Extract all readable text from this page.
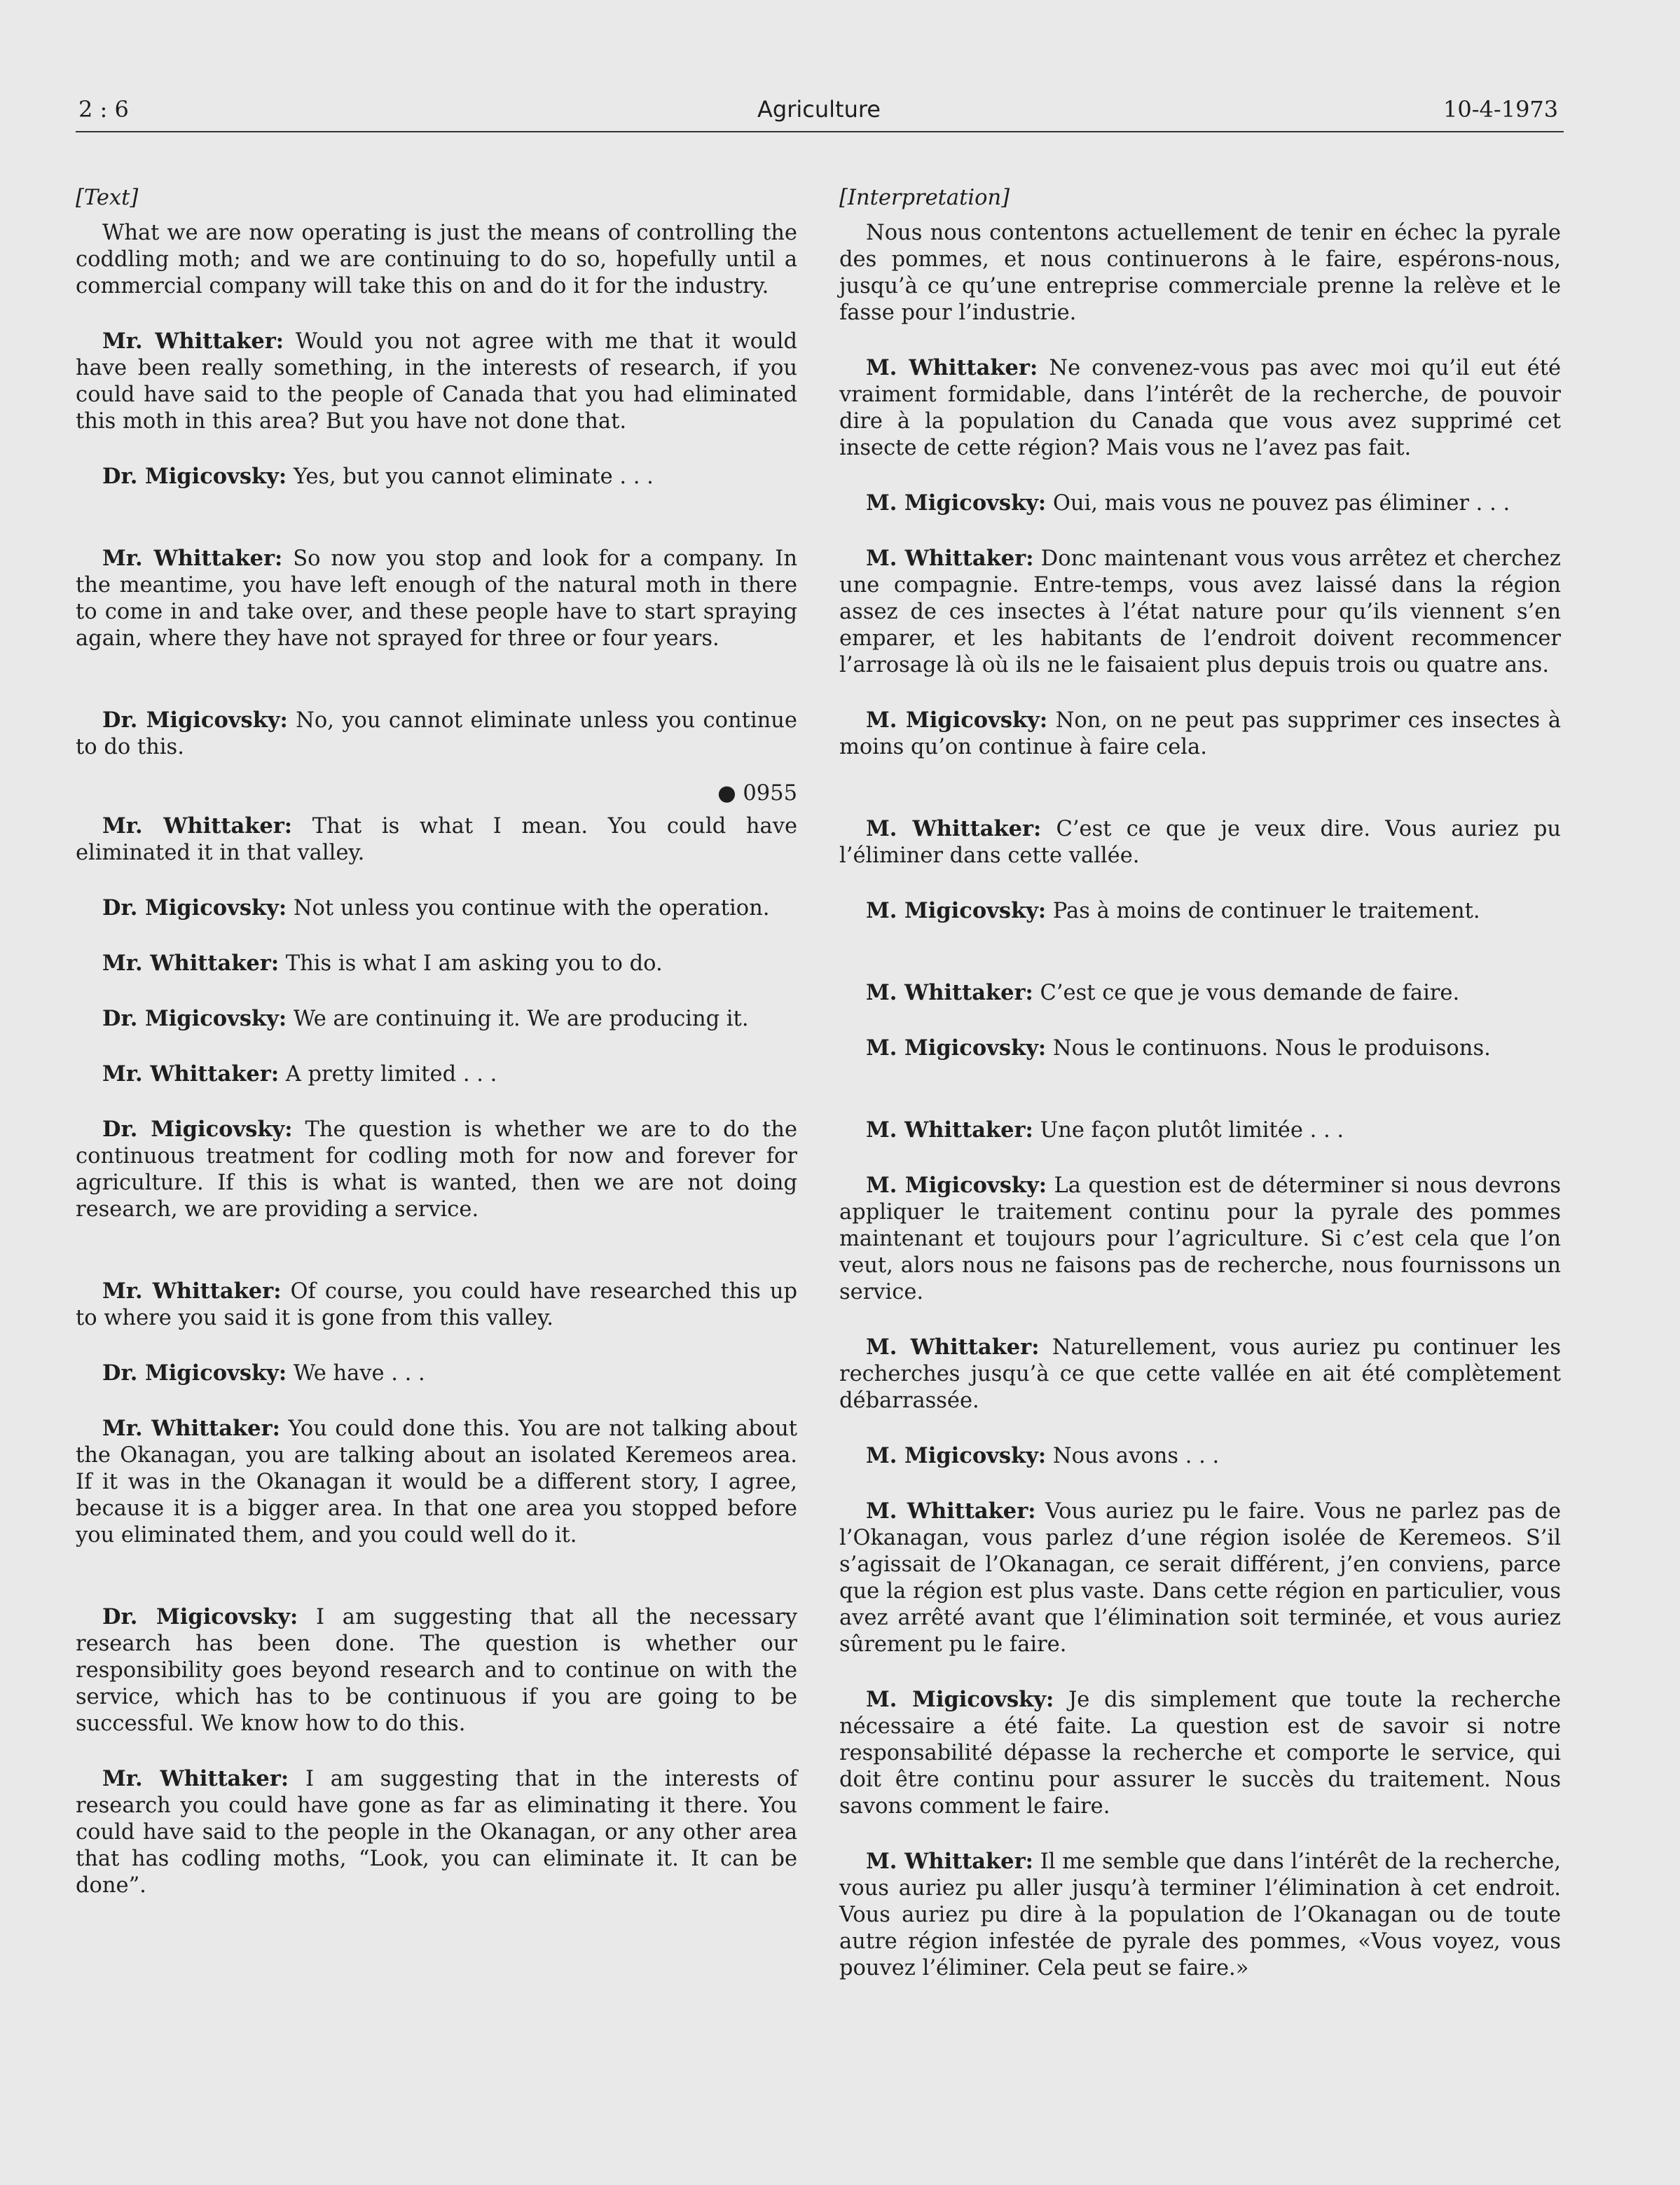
2 : 6	Agriculture	10-4-1973
[Text]

What we are now operating is just the means of controlling the coddling moth; and we are continuing to do so, hopefully until a commercial company will take this on and do it for the industry.

Mr. Whittaker: Would you not agree with me that it would have been really something, in the interests of research, if you could have said to the people of Canada that you had eliminated this moth in this area? But you have not done that.

Dr. Migicovsky: Yes, but you cannot eliminate . . .

Mr. Whittaker: So now you stop and look for a company. In the meantime, you have left enough of the natural moth in there to come in and take over, and these people have to start spraying again, where they have not sprayed for three or four years.

Dr. Migicovsky: No, you cannot eliminate unless you continue to do this.

● 0955

Mr. Whittaker: That is what I mean. You could have eliminated it in that valley.

Dr. Migicovsky: Not unless you continue with the operation.

Mr. Whittaker: This is what I am asking you to do.

Dr. Migicovsky: We are continuing it. We are producing it.

Mr. Whittaker: A pretty limited . . .

Dr. Migicovsky: The question is whether we are to do the continuous treatment for codling moth for now and forever for agriculture. If this is what is wanted, then we are not doing research, we are providing a service.

Mr. Whittaker: Of course, you could have researched this up to where you said it is gone from this valley.

Dr. Migicovsky: We have . . .

Mr. Whittaker: You could done this. You are not talking about the Okanagan, you are talking about an isolated Keremeos area. If it was in the Okanagan it would be a different story, I agree, because it is a bigger area. In that one area you stopped before you eliminated them, and you could well do it.

Dr. Migicovsky: I am suggesting that all the necessary research has been done. The question is whether our responsibility goes beyond research and to continue on with the service, which has to be continuous if you are going to be successful. We know how to do this.

Mr. Whittaker: I am suggesting that in the interests of research you could have gone as far as eliminating it there. You could have said to the people in the Okanagan, or any other area that has codling moths, “Look, you can eliminate it. It can be done”.

[Interpretation]

Nous nous contentons actuellement de tenir en échec la pyrale des pommes, et nous continuerons à le faire, espérons-nous, jusqu’à ce qu’une entreprise commerciale prenne la relève et le fasse pour l’industrie.

M. Whittaker: Ne convenez-vous pas avec moi qu’il eut été vraiment formidable, dans l’intérêt de la recherche, de pouvoir dire à la population du Canada que vous avez supprimé cet insecte de cette région? Mais vous ne l’avez pas fait.

M. Migicovsky: Oui, mais vous ne pouvez pas éliminer . . .

M. Whittaker: Donc maintenant vous vous arrêtez et cherchez une compagnie. Entre-temps, vous avez laissé dans la région assez de ces insectes à l’état nature pour qu’ils viennent s’en emparer, et les habitants de l’endroit doivent recommencer l’arrosage là où ils ne le faisaient plus depuis trois ou quatre ans.

M. Migicovsky: Non, on ne peut pas supprimer ces insectes à moins qu’on continue à faire cela.

M. Whittaker: C’est ce que je veux dire. Vous auriez pu l’éliminer dans cette vallée.

M. Migicovsky: Pas à moins de continuer le traitement.

M. Whittaker: C’est ce que je vous demande de faire.

M. Migicovsky: Nous le continuons. Nous le produisons.

M. Whittaker: Une façon plutôt limitée . . .

M. Migicovsky: La question est de déterminer si nous devrons appliquer le traitement continu pour la pyrale des pommes maintenant et toujours pour l’agriculture. Si c’est cela que l’on veut, alors nous ne faisons pas de recherche, nous fournissons un service.

M. Whittaker: Naturellement, vous auriez pu continuer les recherches jusqu’à ce que cette vallée en ait été complètement débarrassée.

M. Migicovsky: Nous avons . . .

M. Whittaker: Vous auriez pu le faire. Vous ne parlez pas de l’Okanagan, vous parlez d’une région isolée de Keremeos. S’il s’agissait de l’Okanagan, ce serait différent, j’en conviens, parce que la région est plus vaste. Dans cette région en particulier, vous avez arrêté avant que l’élimination soit terminée, et vous auriez sûrement pu le faire.

M. Migicovsky: Je dis simplement que toute la recherche nécessaire a été faite. La question est de savoir si notre responsabilité dépasse la recherche et comporte le service, qui doit être continu pour assurer le succès du traitement. Nous savons comment le faire.

M. Whittaker: Il me semble que dans l’intérêt de la recherche, vous auriez pu aller jusqu’à terminer l’élimination à cet endroit. Vous auriez pu dire à la population de l’Okanagan ou de toute autre région infestée de pyrale des pommes, «Vous voyez, vous pouvez l’éliminer. Cela peut se faire.»
